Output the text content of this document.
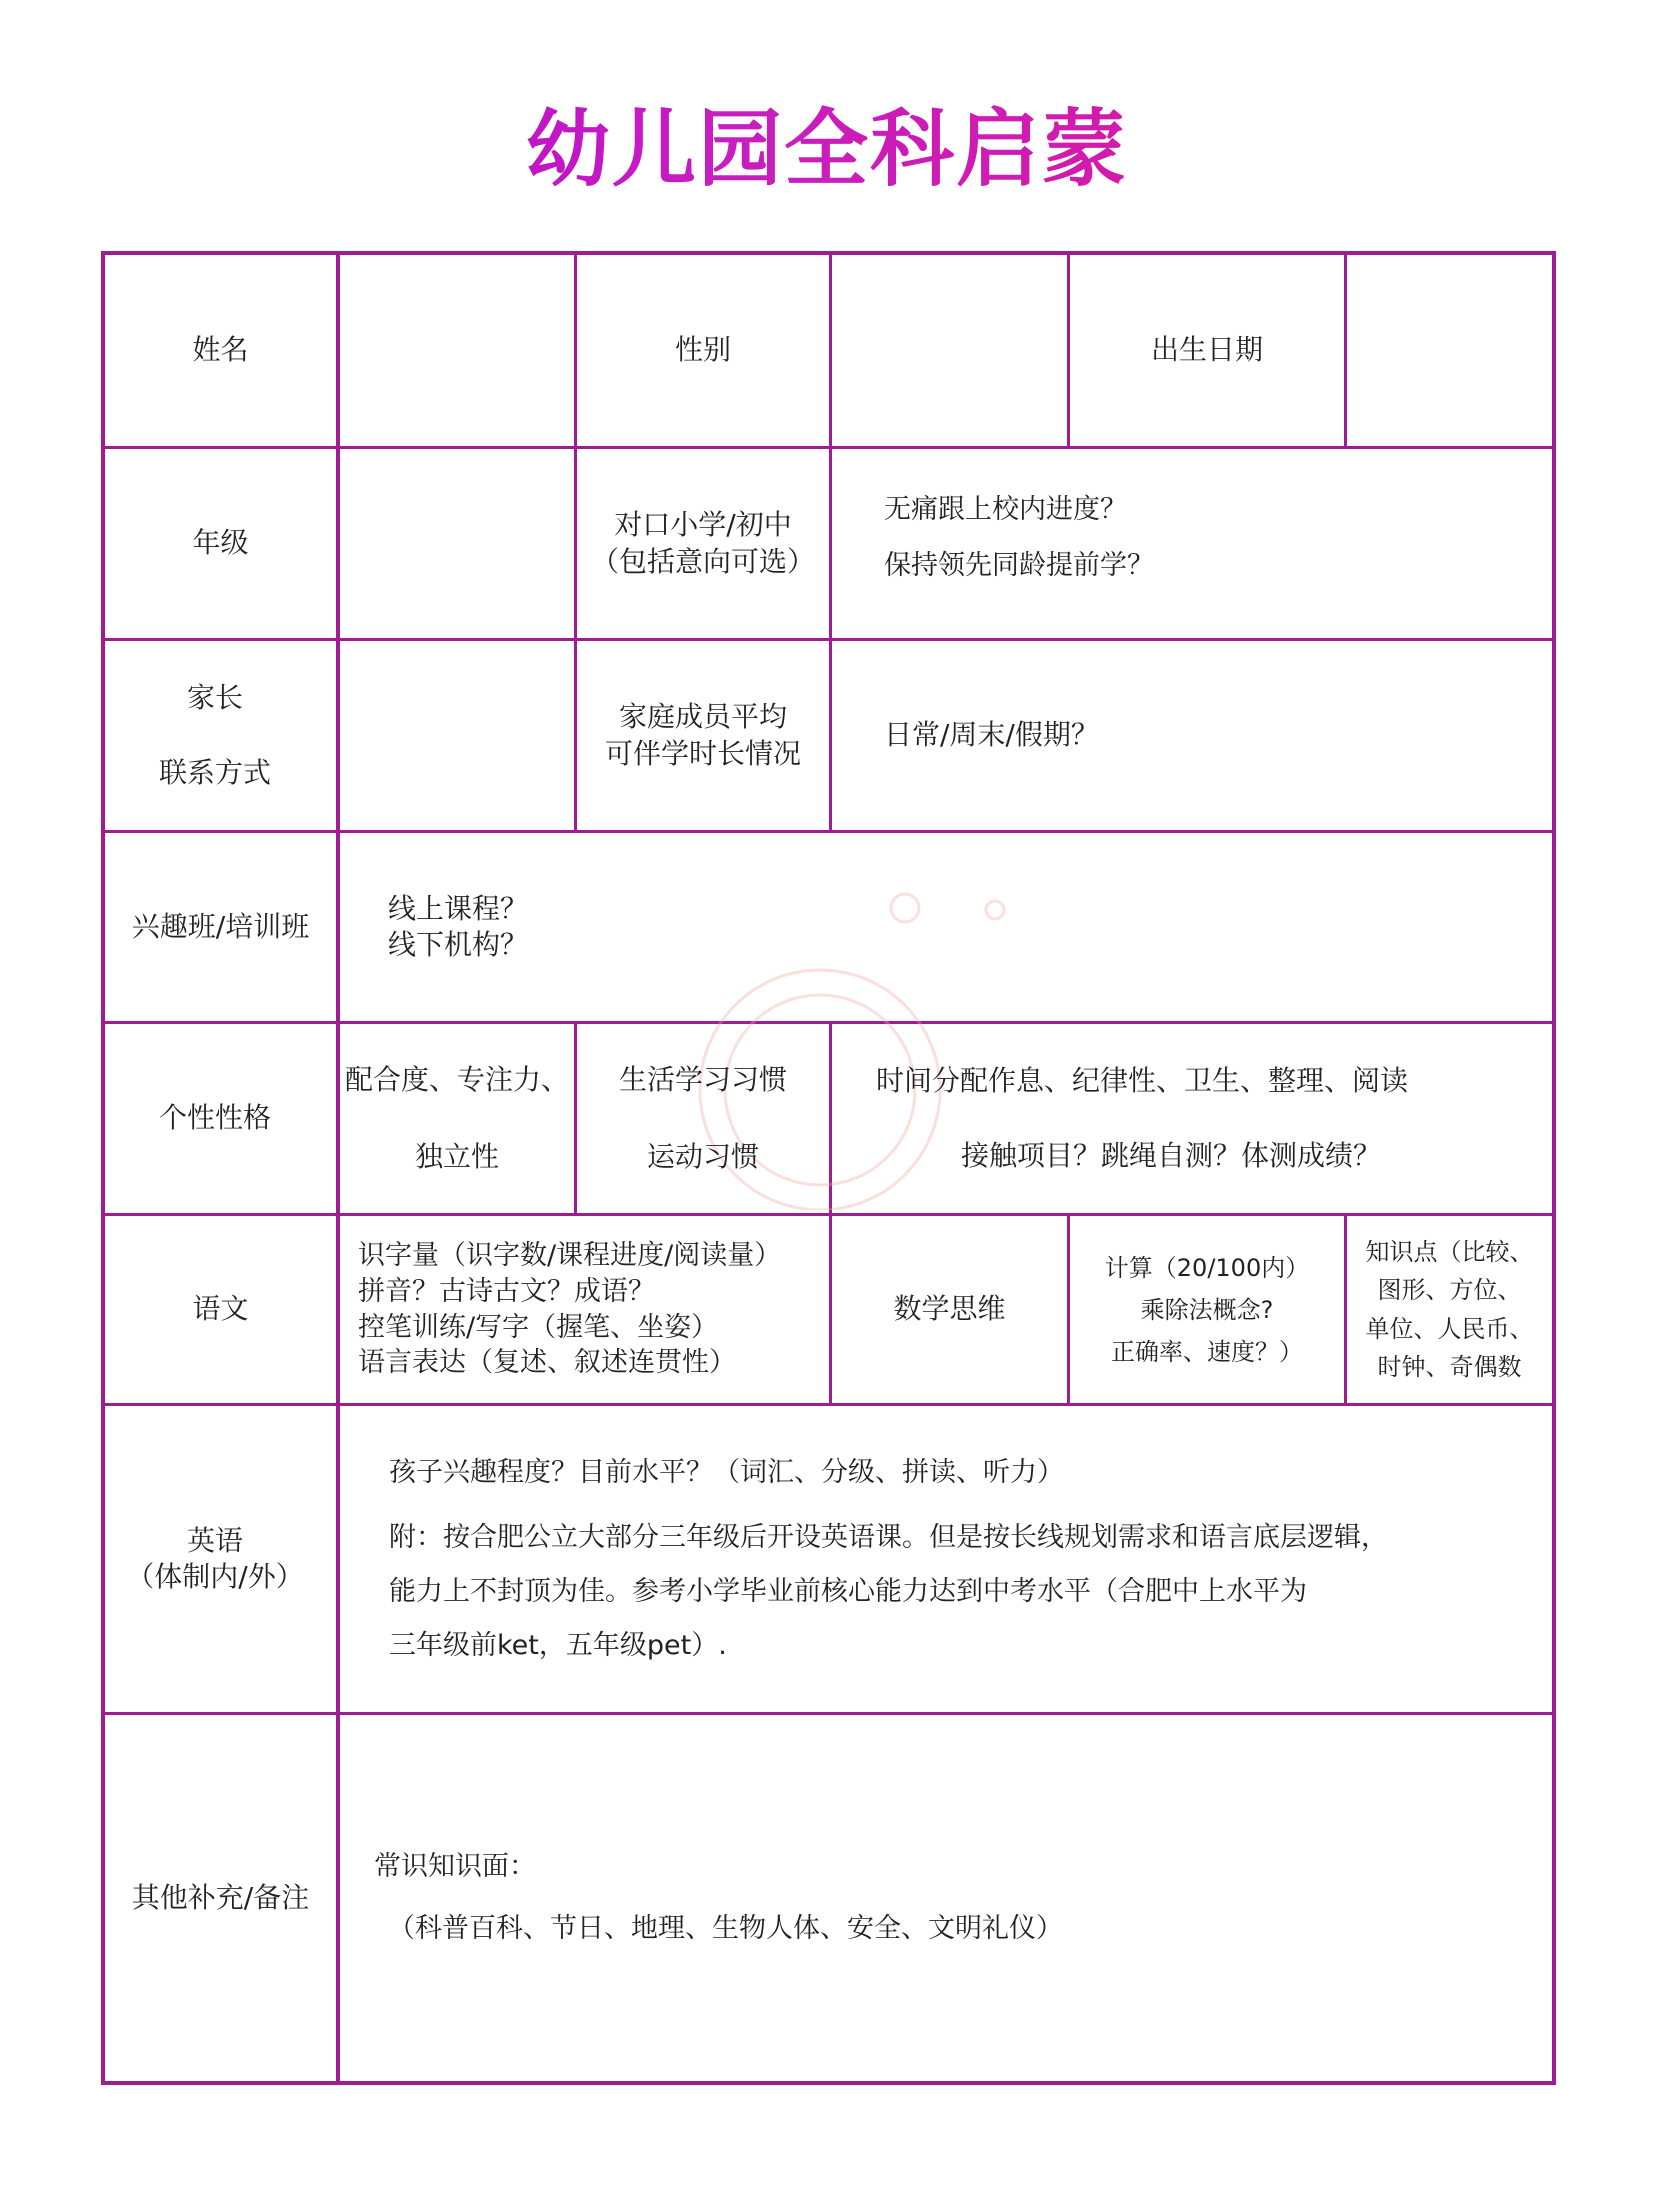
幼儿园全科启蒙
姓名	性别	出生日期
年级
对口小学/初中
（包括意向可选）
无痛跟上校内进度？
保持领先同龄提前学？
家长
联系方式
家庭成员平均
可伴学时长情况
日常/周末/假期？
兴趣班/培训班
线上课程？
线下机构？
个性性格
配合度、专注力、
独立性
生活学习习惯
运动习惯
时间分配作息、纪律性、卫生、整理、阅读
接触项目？跳绳自测？体测成绩？
语文
识字量（识字数/课程进度/阅读量）
拼音？古诗古文？成语？
控笔训练/写字（握笔、坐姿）
语言表达（复述、叙述连贯性）
数学思维
计算（20/100内）
乘除法概念?
正确率、速度？）
知识点（比较、
图形、方位、
单位、人民币、
时钟、奇偶数
英语
（体制内/外）
孩子兴趣程度？目前水平？（词汇、分级、拼读、听力）
附：按合肥公立大部分三年级后开设英语课。但是按长线规划需求和语言底层逻辑，
能力上不封顶为佳。参考小学毕业前核心能力达到中考水平（合肥中上水平为
三年级前ket，五年级pet）.
其他补充/备注
常识知识面：
（科普百科、节日、地理、生物人体、安全、文明礼仪）
